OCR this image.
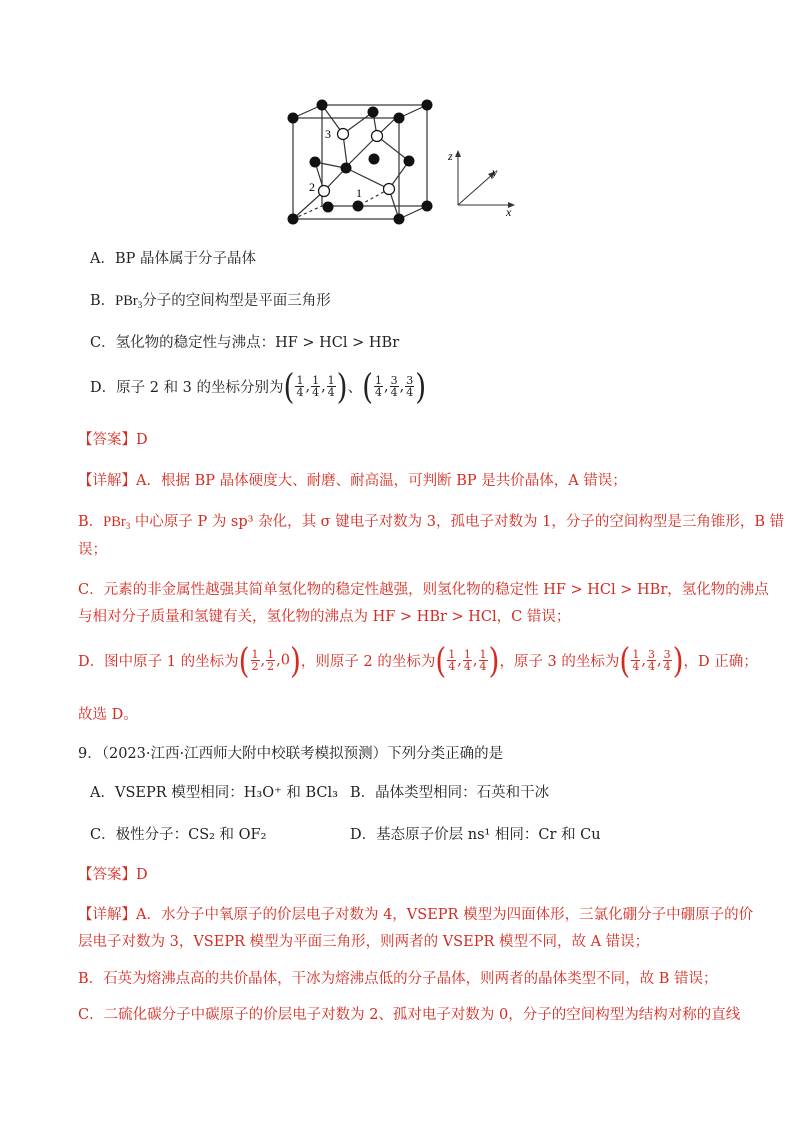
3
2	1
z
y
x
A．BP 晶体属于分子晶体
B．PBr$_3$分子的空间构型是平面三角形
C．氢化物的稳定性与沸点：HF > HCl > HBr
D．原子 2 和 3 的坐标分别为( $\frac{1}{4}$ , $\frac{1}{4}$ , $\frac{1}{4}$ )、( $\frac{1}{4}$ , $\frac{3}{4}$ , $\frac{3}{4}$ )
【答案】D
【详解】A．根据 BP 晶体硬度大、耐磨、耐高温，可判断 BP 是共价晶体，A 错误；
B．PBr$_3$ 中心原子 P 为 sp³ 杂化，其 σ 键电子对数为 3，孤电子对数为 1，分子的空间构型是三角锥形，B 错
误；
C．元素的非金属性越强其简单氢化物的稳定性越强，则氢化物的稳定性 HF > HCl > HBr，氢化物的沸点
与相对分子质量和氢键有关，氢化物的沸点为 HF > HBr > HCl，C 错误；
D．图中原子 1 的坐标为( $\frac{1}{2}$ , $\frac{1}{2} ,0$)，则原子 2 的坐标为( $\frac{1}{4}$ , $\frac{1}{4}$ , $\frac{1}{4}$ )，原子 3 的坐标为( $\frac{1}{4}$ , $\frac{3}{4}$ , $\frac{3}{4}$ )，D 正确；
故选 D。
9．（2023·江西·江西师大附中校联考模拟预测）下列分类正确的是
A．VSEPR 模型相同：H₃O⁺ 和 BCl₃ B．晶体类型相同：石英和干冰
C．极性分子：CS₂ 和 OF₂	D．基态原子价层 ns¹ 相同：Cr 和 Cu
【答案】D
【详解】A．水分子中氧原子的价层电子对数为 4，VSEPR 模型为四面体形，三氯化硼分子中硼原子的价
层电子对数为 3，VSEPR 模型为平面三角形，则两者的 VSEPR 模型不同，故 A 错误；
B．石英为熔沸点高的共价晶体，干冰为熔沸点低的分子晶体，则两者的晶体类型不同，故 B 错误；
C．二硫化碳分子中碳原子的价层电子对数为 2、孤对电子对数为 0，分子的空间构型为结构对称的直线
